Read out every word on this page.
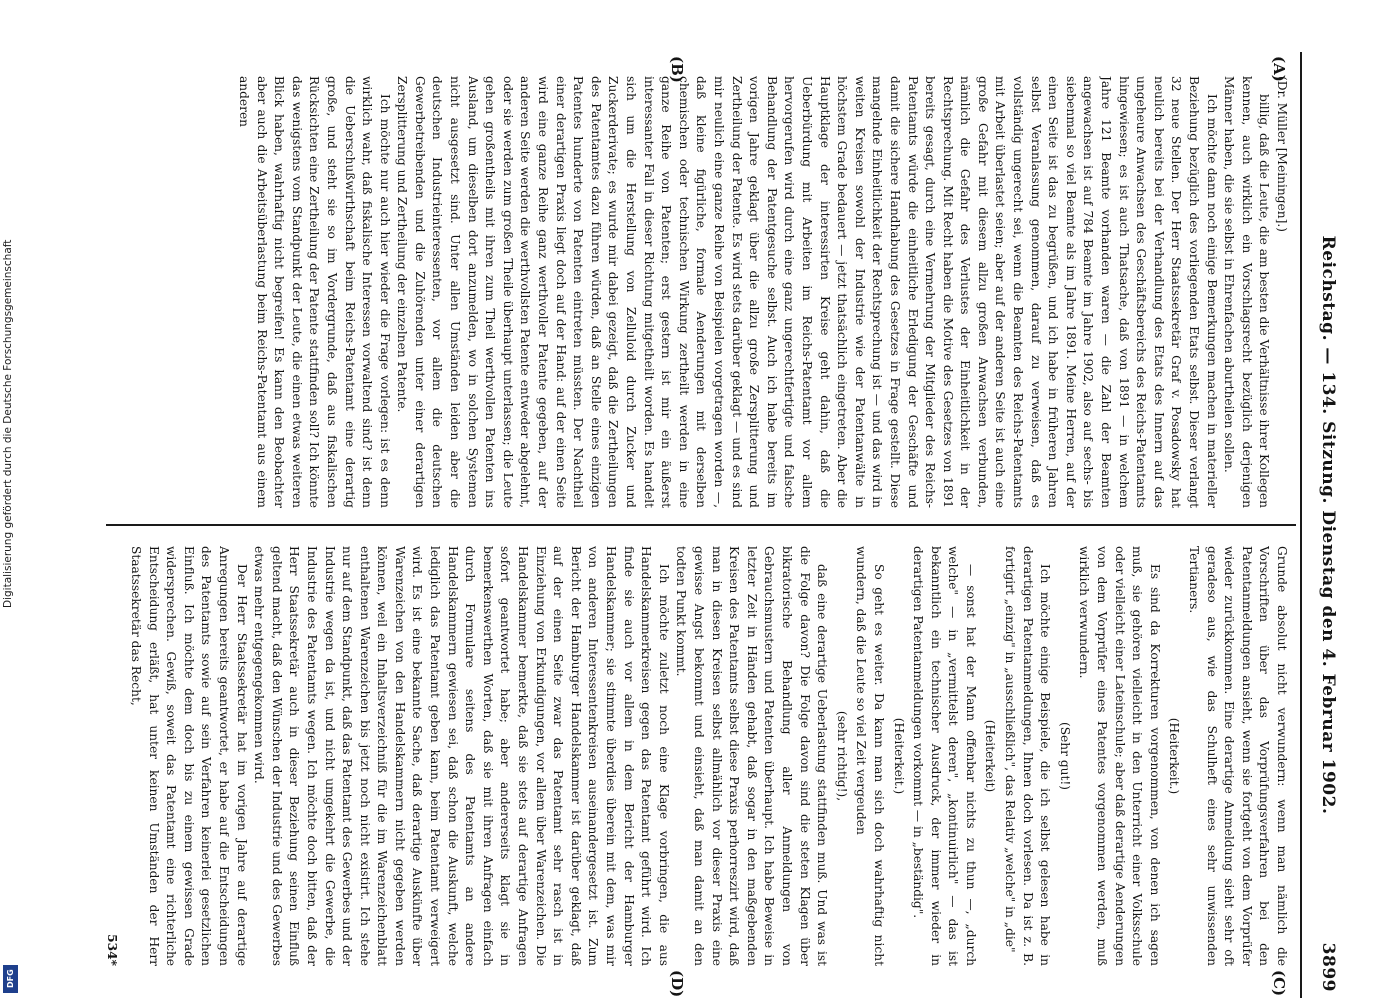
Digitalisierung gefördert durch die Deutsche Forschungsgemeinschaft
DFG
Reichstag. — 134. Sitzung. Dienstag den 4. Februar 1902.
3899
(A)
(B)
(C)
(D)

(Dr. Müller [Meiningen].)

billig, daß die Leute, die am besten die Verhältnisse ihrer Kollegen kennen, auch wirklich ein Vorschlagsrecht bezüglich derjenigen Männer haben, die sie selbst in Ehrenfachen aburtheilen sollen.

Ich möchte dann noch einige Bemerkungen machen in materieller Beziehung bezüglich des vorliegenden Etats selbst. Dieser verlangt 32 neue Stellen. Der Herr Staatssekretär Graf v. Posadowsky hat neulich bereits bei der Verhandlung des Etats des Innern auf das ungeheure Anwachsen des Geschäftsbereichs des Reichs-Patentamts hingewiesen; es ist auch Thatsache, daß von 1891 — in welchem Jahre 121 Beamte vorhanden waren — die Zahl der Beamten angewachsen ist auf 784 Beamte im Jahre 1902, also auf sechs- bis siebenmal so viel Beamte als im Jahre 1891. Meine Herren, auf der einen Seite ist das zu begrüßen, und ich habe in früheren Jahren selbst Veranlassung genommen, darauf zu verweisen, daß es vollständig ungerecht sei, wenn die Beamten des Reichs-Patentamts mit Arbeit überlastet seien; aber auf der anderen Seite ist auch eine große Gefahr mit diesem allzu großen Anwachsen verbunden, nämlich die Gefahr des Verlustes der Einheitlichkeit in der Rechtsprechung. Mit Recht haben die Motive des Gesetzes von 1891 bereits gesagt, durch eine Vermehrung der Mitglieder des Reichs-Patentamts würde die einheitliche Erledigung der Geschäfte und damit die sichere Handhabung des Gesetzes in Frage gestellt. Diese mangelnde Einheitlichkeit der Rechtsprechung ist — und das wird in weiten Kreisen sowohl der Industrie wie der Patentanwälte in höchstem Grade bedauert — jetzt thatsächlich eingetreten. Aber die Hauptklage der interessirten Kreise geht dahin, daß die Ueberbürdung mit Arbeiten im Reichs-Patentamt vor allem hervorgerufen wird durch eine ganz ungerechtfertigte und falsche Behandlung der Patentgesuche selbst. Auch ich habe bereits im vorigen Jahre geklagt über die allzu große Zersplitterung und Zertheilung der Patente. Es wird stets darüber geklagt — und es sind mir neulich eine ganze Reihe von Beispielen vorgetragen worden —, daß kleine figürliche, formale Aenderungen mit derselben chemischen oder technischen Wirkung zertheilt werden in eine ganze Reihe von Patenten; erst gestern ist mir ein äußerst interessanter Fall in dieser Richtung mitgetheilt worden. Es handelt sich um die Herstellung von Zelluloid durch Zucker und Zuckerderivate; es wurde mir dabei gezeigt, daß die Zertheilungen des Patentamtes dazu führen würden, daß an Stelle eines einzigen Patentes hunderte von Patenten eintreten müssten. Der Nachtheil einer derartigen Praxis liegt doch auf der Hand: auf der einen Seite wird eine ganze Reihe ganz werthvoller Patente gegeben, auf der anderen Seite werden die werthvollsten Patente entweder abgelehnt, oder sie werden zum großen Theile überhaupt unterlassen; die Leute gehen großentheils mit ihren zum Theil werthvollen Patenten ins Ausland, um dieselben dort anzumelden, wo in solchen Systemen nicht ausgesetzt sind. Unter allen Umständen leiden aber die deutschen Industrieinteressenten, vor allem die deutschen Gewerbetreibenden und die Zuhörenden unter einer derartigen Zersplitterung und Zertheilung der einzelnen Patente.

Ich möchte nur auch hier wieder die Frage vorlegen: ist es denn wirklich wahr, daß fiskalische Interessen vorwaltend sind? ist denn die Ueberschußwirthschaft beim Reichs-Patentamt eine derartig große, und steht sie so im Vordergrunde, daß aus fiskalischen Rücksichten eine Zertheilung der Patente stattfinden soll? Ich könnte das wenigstens vom Standpunkt der Leute, die einen etwas weiteren Blick haben, wahrhaftig nicht begreifen! Es kann den Beobachter aber auch die Arbeitsüberlastung beim Reichs-Patentamt aus einem anderen

Grunde absolut nicht verwundern: wenn man nämlich die Vorschriften über das Vorprüfungsverfahren bei den Patentanmeldungen ansieht, wenn sie fortgeht von dem Vorprüfer wieder zurückkommen. Eine derartige Anmeldung sieht sehr oft geradeso aus, wie das Schulheft eines sehr unwissenden Tertianers.

(Heiterkeit.)

Es sind da Korrekturen vorgenommen, von denen ich sagen muß, sie gehören vielleicht in den Unterricht einer Volksschule oder vielleicht einer Lateinschule; aber daß derartige Aenderungen von dem Vorprüfer eines Patentes vorgenommen werden, muß wirklich verwundern.

(Sehr gut!)

Ich möchte einige Beispiele, die ich selbst gelesen habe in derartigen Patentanmeldungen, Ihnen doch vorlesen. Da ist z. B. fortigirt „einzig" in „ausschließlich", das Relativ „welche" in „die"

(Heiterkeit)

— sonst hat der Mann offenbar nichts zu thun —, „durch welche" — in „vermittelst deren", „kontinuirlich" — das ist bekanntlich ein technischer Ausdruck, der immer wieder in derartigen Patentanmeldungen vorkommt — in „beständig".

(Heiterkeit.)

So geht es weiter. Da kann man sich doch wahrhaftig nicht wundern, daß die Leute so viel Zeit vergeuden

(sehr richtig!),

daß eine derartige Ueberlastung stattfinden muß. Und was ist die Folge davon? Die Folge davon sind die steten Klagen über bikratorische Behandlung aller Anmeldungen von Gebrauchsmustern und Patenten überhaupt. Ich habe Beweise in letzter Zeit in Händen gehabt, daß sogar in den maßgebenden Kreisen des Patentamts selbst diese Praxis perhorreszirt wird, daß man in diesen Kreisen selbst allmählich vor dieser Praxis eine gewisse Angst bekommt und einsieht, daß man damit an den todten Punkt kommt.

Ich möchte zuletzt noch eine Klage vorbringen, die aus Handelskammerkreisen gegen das Patentamt geführt wird. Ich finde sie auch vor allem in dem Bericht der Hamburger Handelskammer; sie stimmte überdies überein mit dem, was mir von anderen Interessentenkreisen auseinandergesetzt ist. Zum Bericht der Hamburger Handelskammer ist darüber geklagt, daß auf der einen Seite zwar das Patentamt sehr rasch ist in Einziehung von Erkundigungen, vor allem über Warenzeichen. Die Handelskammer bemerkte, daß sie stets auf derartige Anfragen sofort geantwortet habe; aber andererseits klagt sie in bemerkenswerthen Worten, daß sie mit ihren Anfragen einfach durch Formulare seitens des Patentamts an andere Handelskammern gewiesen sei, daß schon die Auskunft, welche lediglich das Patentamt geben kann, beim Patentamt verweigert wird. Es ist eine bekannte Sache, daß derartige Auskünfte über Warenzeichen von den Handelskammern nicht gegeben werden können, weil ein Inhaltsverzeichniß für die im Warenzeichenblatt enthaltenen Warenzeichen bis jetzt noch nicht existirt. Ich stehe nur auf dem Standpunkt, daß das Patentamt des Gewerbes und der Industrie wegen da ist, und nicht umgekehrt die Gewerbe, die Industrie des Patentamts wegen. Ich möchte doch bitten, daß der Herr Staatssekretär auch in dieser Beziehung seinen Einfluß geltend macht, daß den Wünschen der Industrie und des Gewerbes etwas mehr entgegengekommen wird.

Der Herr Staatssekretär hat im vorigen Jahre auf derartige Anregungen bereits geantwortet, er habe auf die Entscheidungen des Patentamts sowie auf sein Verfahren keinerlei gesetzlichen Einfluß. Ich möchte dem doch bis zu einem gewissen Grade widersprechen. Gewiß, soweit das Patentamt eine richterliche Entscheidung erläßt, hat unter keinen Umständen der Herr Staatssekretär das Recht,

534*
